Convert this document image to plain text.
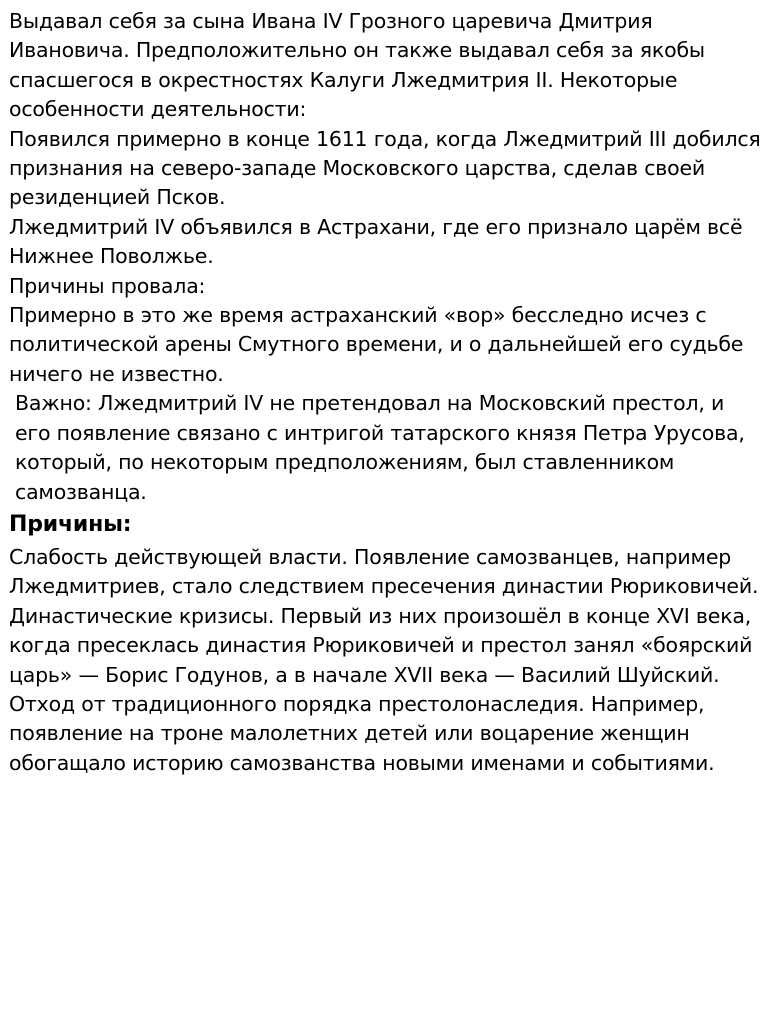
Выдавал себя за сына Ивана IV Грозного царевича Дмитрия Ивановича. Предположительно он также выдавал себя за якобы спасшегося в окрестностях Калуги Лжедмитрия II. Некоторые особенности деятельности:

Появился примерно в конце 1611 года, когда Лжедмитрий III добился признания на северо-западе Московского царства, сделав своей резиденцией Псков.

Лжедмитрий IV объявился в Астрахани, где его признало царём всё Нижнее Поволжье.

Причины провала:

Примерно в это же время астраханский «вор» бесследно исчез с политической арены Смутного времени, и о дальнейшей его судьбе ничего не известно.

Важно: Лжедмитрий IV не претендовал на Московский престол, и его появление связано с интригой татарского князя Петра Урусова, который, по некоторым предположениям, был ставленником самозванца.

Причины:

Слабость действующей власти. Появление самозванцев, например Лжедмитриев, стало следствием пресечения династии Рюриковичей.

Династические кризисы. Первый из них произошёл в конце XVI века, когда пресеклась династия Рюриковичей и престол занял «боярский царь» — Борис Годунов, а в начале XVII века — Василий Шуйский.

Отход от традиционного порядка престолонаследия. Например, появление на троне малолетних детей или воцарение женщин обогащало историю самозванства новыми именами и событиями.
